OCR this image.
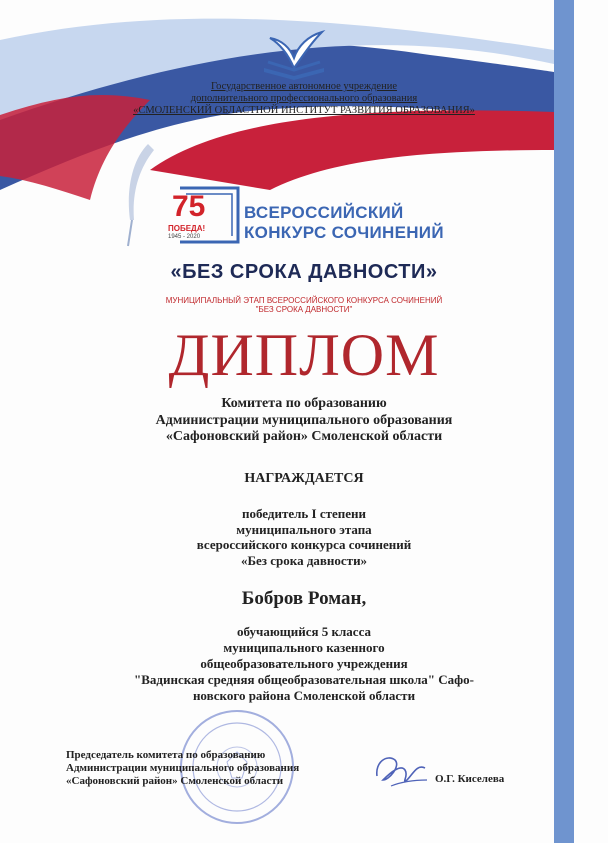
Государственное автономное учреждение
дополнительного профессионального образования
«СМОЛЕНСКИЙ ОБЛАСТНОЙ ИНСТИТУТ РАЗВИТИЯ ОБРАЗОВАНИЯ»
75
ПОБЕДА!
1945 - 2020
ВСЕРОССИЙСКИЙ
КОНКУРС СОЧИНЕНИЙ
«БЕЗ СРОКА ДАВНОСТИ»
МУНИЦИПАЛЬНЫЙ ЭТАП ВСЕРОССИЙСКОГО КОНКУРСА СОЧИНЕНИЙ
"БЕЗ СРОКА ДАВНОСТИ"
ДИПЛОМ
Комитета по образованию
Администрации муниципального образования
«Сафоновский район» Смоленской области
НАГРАЖДАЕТСЯ
победитель I степени
муниципального этапа
всероссийского конкурса сочинений
«Без срока давности»
Бобров Роман,
обучающийся 5 класса
муниципального казенного
общеобразовательного учреждения
"Вадинская средняя общеобразовательная школа" Сафо-
новского района Смоленской области
Председатель комитета по образованию
Администрации муниципального образования
«Сафоновский район» Смоленской области	О.Г. Киселева
